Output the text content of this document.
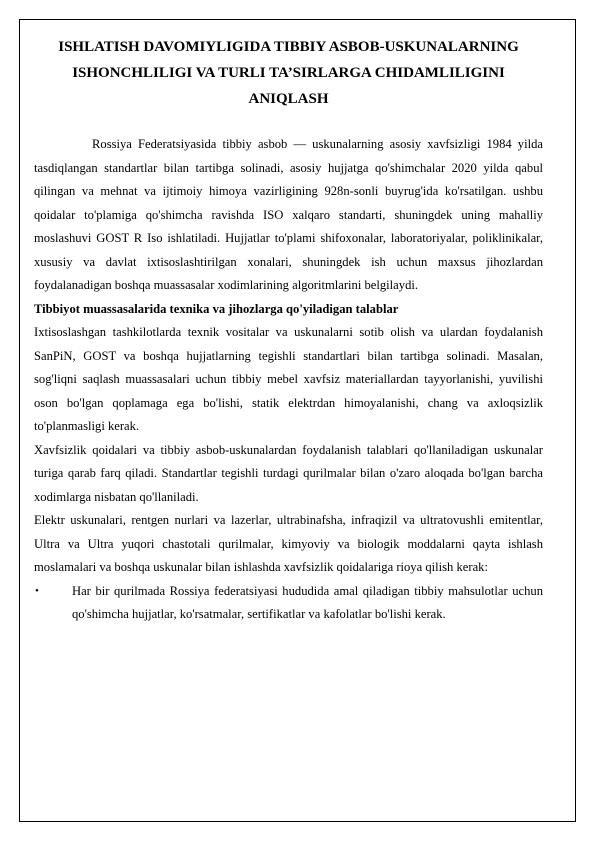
ISHLATISH DAVOMIYLIGIDA TIBBIY ASBOB-USKUNALARNING ISHONCHLILIGI VA TURLI TA’SIRLARGA CHIDAMLILIGINI ANIQLASH

Rossiya Federatsiyasida tibbiy asbob — uskunalarning asosiy xavfsizligi 1984 yilda tasdiqlangan standartlar bilan tartibga solinadi, asosiy hujjatga qo'shimchalar 2020 yilda qabul qilingan va mehnat va ijtimoiy himoya vazirligining 928n-sonli buyrug'ida ko'rsatilgan. ushbu qoidalar to'plamiga qo'shimcha ravishda ISO xalqaro standarti, shuningdek uning mahalliy moslashuvi GOST R Iso ishlatiladi. Hujjatlar to'plami shifoxonalar, laboratoriyalar, poliklinikalar, xususiy va davlat ixtisoslashtirilgan xonalari, shuningdek ish uchun maxsus jihozlardan foydalanadigan boshqa muassasalar xodimlarining algoritmlarini belgilaydi.

Tibbiyot muassasalarida texnika va jihozlarga qo'yiladigan talablar

Ixtisoslashgan tashkilotlarda texnik vositalar va uskunalarni sotib olish va ulardan foydalanish SanPiN, GOST va boshqa hujjatlarning tegishli standartlari bilan tartibga solinadi. Masalan, sog'liqni saqlash muassasalari uchun tibbiy mebel xavfsiz materiallardan tayyorlanishi, yuvilishi oson bo'lgan qoplamaga ega bo'lishi, statik elektrdan himoyalanishi, chang va axloqsizlik to'planmasligi kerak.

Xavfsizlik qoidalari va tibbiy asbob-uskunalardan foydalanish talablari qo'llaniladigan uskunalar turiga qarab farq qiladi. Standartlar tegishli turdagi qurilmalar bilan o'zaro aloqada bo'lgan barcha xodimlarga nisbatan qo'llaniladi.

Elektr uskunalari, rentgen nurlari va lazerlar, ultrabinafsha, infraqizil va ultratovushli emitentlar, Ultra va Ultra yuqori chastotali qurilmalar, kimyoviy va biologik moddalarni qayta ishlash moslamalari va boshqa uskunalar bilan ishlashda xavfsizlik qoidalariga rioya qilish kerak:

•	Har bir qurilmada Rossiya federatsiyasi hududida amal qiladigan tibbiy mahsulotlar uchun qo'shimcha hujjatlar, ko'rsatmalar, sertifikatlar va kafolatlar bo'lishi kerak.
